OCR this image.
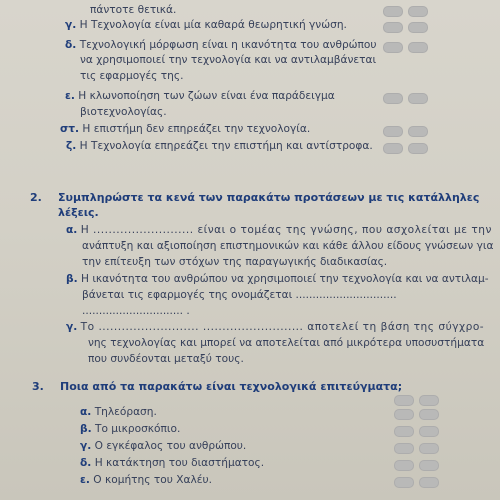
πάντοτε θετικά.
γ. Η Τεχνολογία είναι μία καθαρά θεωρητική γνώση.
δ. Τεχνολογική μόρφωση είναι η ικανότητα του ανθρώπου
να χρησιμοποιεί την τεχνολογία και να αντιλαμβάνεται
τις εφαρμογές της.
ε. Η κλωνοποίηση των ζώων είναι ένα παράδειγμα
βιοτεχνολογίας.
στ. Η επιστήμη δεν επηρεάζει την τεχνολογία.
ζ. Η Τεχνολογία επηρεάζει την επιστήμη και αντίστροφα.
2. Συμπληρώστε τα κενά των παρακάτω προτάσεων με τις κατάλληλες
λέξεις.
α. Η .......................... είναι ο τομέας της γνώσης, που ασχολείται με την
ανάπτυξη και αξιοποίηση επιστημονικών και κάθε άλλου είδους γνώσεων για
την επίτευξη των στόχων της παραγωγικής διαδικασίας.
β. Η ικανότητα του ανθρώπου να χρησιμοποιεί την τεχνολογία και να αντιλαμ-
βάνεται τις εφαρμογές της ονομάζεται ..............................
.............................. .
γ. Το .......................... .......................... αποτελεί τη βάση της σύγχρο-
νης τεχνολογίας και μπορεί να αποτελείται από μικρότερα υποσυστήματα
που συνδέονται μεταξύ τους.
3. Ποια από τα παρακάτω είναι τεχνολογικά επιτεύγματα;
α. Τηλεόραση.
β. Το μικροσκόπιο.
γ. Ο εγκέφαλος του ανθρώπου.
δ. Η κατάκτηση του διαστήματος.
ε. Ο κομήτης του Χαλέυ.
